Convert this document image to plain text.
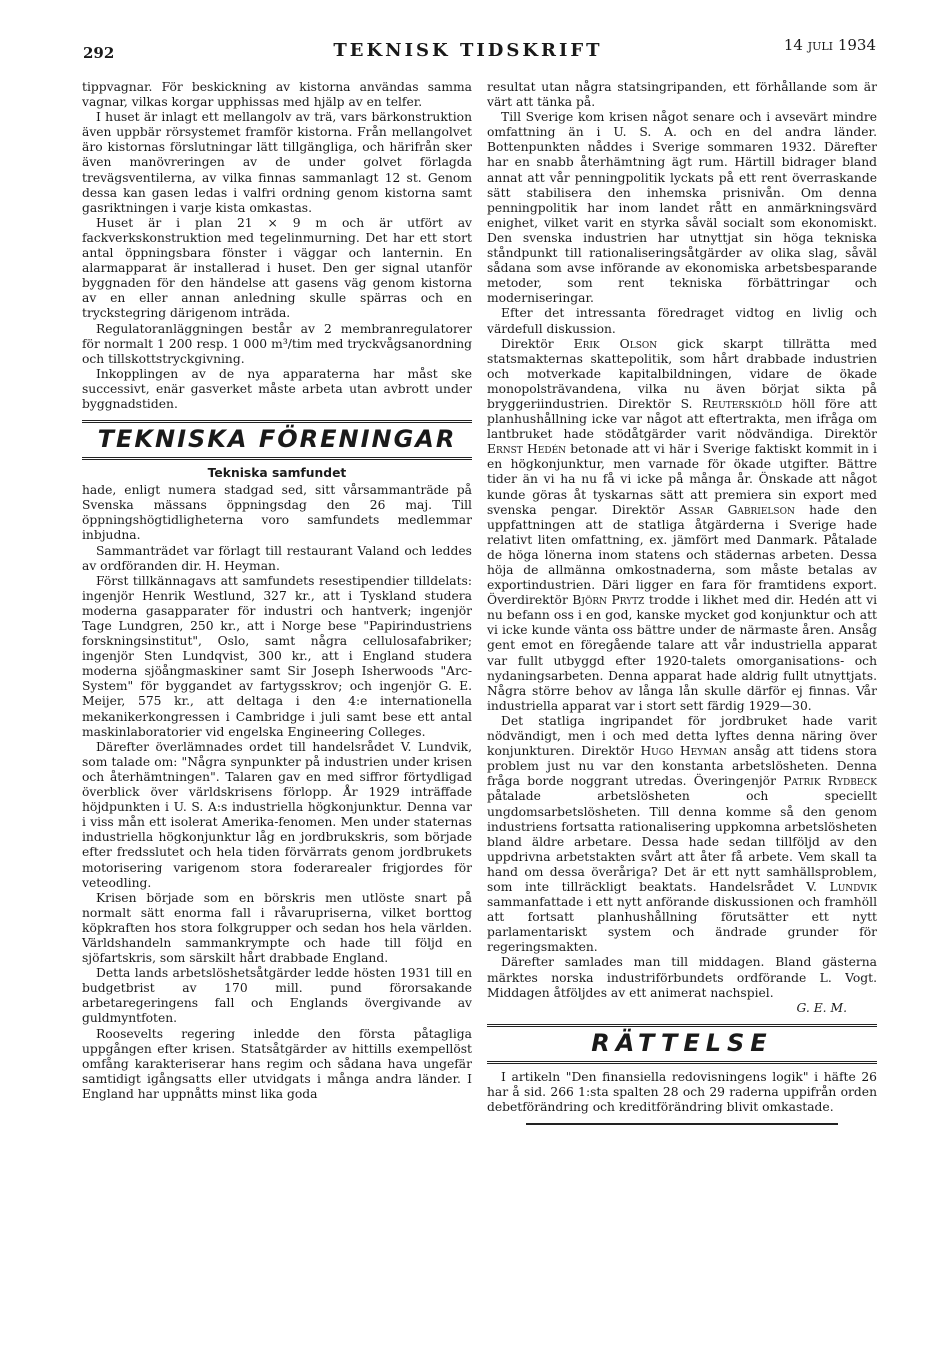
292	TEKNISK TIDSKRIFT	14 juli 1934

tippvagnar. För beskickning av kistorna användas samma vagnar, vilkas korgar upphissas med hjälp av en telfer.

I huset är inlagt ett mellangolv av trä, vars bärkonstruktion även uppbär rörsystemet framför kistorna. Från mellangolvet äro kistornas förslutningar lätt tillgängliga, och härifrån sker även manövreringen av de under golvet förlagda trevägsventilerna, av vilka finnas sammanlagt 12 st. Genom dessa kan gasen ledas i valfri ordning genom kistorna samt gasriktningen i varje kista omkastas.

Huset är i plan 21 × 9 m och är utfört av fackverkskonstruktion med tegelinmurning. Det har ett stort antal öppningsbara fönster i väggar och lanternin. En alarmapparat är installerad i huset. Den ger signal utanför byggnaden för den händelse att gasens väg genom kistorna av en eller annan anledning skulle spärras och en tryckstegring därigenom inträda.

Regulatoranläggningen består av 2 membranregulatorer för normalt 1 200 resp. 1 000 m³/tim med tryckvågsanordning och tillskottstryckgivning.

Inkopplingen av de nya apparaterna har måst ske successivt, enär gasverket måste arbeta utan avbrott under byggnadstiden.

TEKNISKA FÖRENINGAR
Tekniska samfundet

hade, enligt numera stadgad sed, sitt vårsammanträde på Svenska mässans öppningsdag den 26 maj. Till öppningshögtidligheterna voro samfundets medlemmar inbjudna.

Sammanträdet var förlagt till restaurant Valand och leddes av ordföranden dir. H. Heyman.

Först tillkännagavs att samfundets resestipendier tilldelats: ingenjör Henrik Westlund, 327 kr., att i Tyskland studera moderna gasapparater för industri och hantverk; ingenjör Tage Lundgren, 250 kr., att i Norge bese "Papirindustriens forskningsinstitut", Oslo, samt några cellulosafabriker; ingenjör Sten Lundqvist, 300 kr., att i England studera moderna sjöångmaskiner samt Sir Joseph Isherwoods "Arc-System" för byggandet av fartygsskrov; och ingenjör G. E. Meijer, 575 kr., att deltaga i den 4:e internationella mekanikerkongressen i Cambridge i juli samt bese ett antal maskinlaboratorier vid engelska Engineering Colleges.

Därefter överlämnades ordet till handelsrådet V. Lundvik, som talade om: "Några synpunkter på industrien under krisen och återhämtningen". Talaren gav en med siffror förtydligad överblick över världskrisens förlopp. År 1929 inträffade höjdpunkten i U. S. A:s industriella högkonjunktur. Denna var i viss mån ett isolerat Amerika-fenomen. Men under staternas industriella högkonjunktur låg en jordbrukskris, som började efter fredsslutet och hela tiden förvärrats genom jordbrukets motorisering varigenom stora foderarealer frigjordes för veteodling.

Krisen började som en börskris men utlöste snart på normalt sätt enorma fall i råvarupriserna, vilket borttog köpkraften hos stora folkgrupper och sedan hos hela världen. Världshandeln sammankrympte och hade till följd en sjöfartskris, som särskilt hårt drabbade England.

Detta lands arbetslöshetsåtgärder ledde hösten 1931 till en budgetbrist av 170 mill. pund förorsakande arbetaregeringens fall och Englands övergivande av guldmyntfoten.

Roosevelts regering inledde den första påtagliga uppgången efter krisen. Statsåtgärder av hittills exempellöst omfång karakteriserar hans regim och sådana hava ungefär samtidigt igångsatts eller utvidgats i många andra länder. I England har uppnåtts minst lika goda

resultat utan några statsingripanden, ett förhållande som är värt att tänka på.

Till Sverige kom krisen något senare och i avsevärt mindre omfattning än i U. S. A. och en del andra länder. Bottenpunkten nåddes i Sverige sommaren 1932. Därefter har en snabb återhämtning ägt rum. Härtill bidrager bland annat att vår penningpolitik lyckats på ett rent överraskande sätt stabilisera den inhemska prisnivån. Om denna penningpolitik har inom landet rått en anmärkningsvärd enighet, vilket varit en styrka såväl socialt som ekonomiskt. Den svenska industrien har utnyttjat sin höga tekniska ståndpunkt till rationaliseringsåtgärder av olika slag, såväl sådana som avse införande av ekonomiska arbetsbesparande metoder, som rent tekniska förbättringar och moderniseringar.

Efter det intressanta föredraget vidtog en livlig och värdefull diskussion.

Direktör Erik Olson gick skarpt tillrätta med statsmakternas skattepolitik, som hårt drabbade industrien och motverkade kapitalbildningen, vidare de ökade monopolsträvandena, vilka nu även börjat sikta på bryggeriindustrien. Direktör S. Reuterskiöld höll före att planhushållning icke var något att eftertrakta, men ifråga om lantbruket hade stödåtgärder varit nödvändiga. Direktör Ernst Hedén betonade att vi här i Sverige faktiskt kommit in i en högkonjunktur, men varnade för ökade utgifter. Bättre tider än vi ha nu få vi icke på många år. Önskade att något kunde göras åt tyskarnas sätt att premiera sin export med svenska pengar. Direktör Assar Gabrielson hade den uppfattningen att de statliga åtgärderna i Sverige hade relativt liten omfattning, ex. jämfört med Danmark. Påtalade de höga lönerna inom statens och städernas arbeten. Dessa höja de allmänna omkostnaderna, som måste betalas av exportindustrien. Däri ligger en fara för framtidens export. Överdirektör Björn Prytz trodde i likhet med dir. Hedén att vi nu befann oss i en god, kanske mycket god konjunktur och att vi icke kunde vänta oss bättre under de närmaste åren. Ansåg gent emot en föregående talare att vår industriella apparat var fullt utbyggd efter 1920-talets omorganisations- och nydaningsarbeten. Denna apparat hade aldrig fullt utnyttjats. Några större behov av långa lån skulle därför ej finnas. Vår industriella apparat var i stort sett färdig 1929—30.

Det statliga ingripandet för jordbruket hade varit nödvändigt, men i och med detta lyftes denna näring över konjunkturen. Direktör Hugo Heyman ansåg att tidens stora problem just nu var den konstanta arbetslösheten. Denna fråga borde noggrant utredas. Överingenjör Patrik Rydbeck påtalade arbetslösheten och speciellt ungdomsarbetslösheten. Till denna komme så den genom industriens fortsatta rationalisering uppkomna arbetslösheten bland äldre arbetare. Dessa hade sedan tillföljd av den uppdrivna arbetstakten svårt att åter få arbete. Vem skall ta hand om dessa överåriga? Det är ett nytt samhällsproblem, som inte tillräckligt beaktats. Handelsrådet V. Lundvik sammanfattade i ett nytt anförande diskussionen och framhöll att fortsatt planhushållning förutsätter ett nytt parlamentariskt system och ändrade grunder för regeringsmakten.

Därefter samlades man till middagen. Bland gästerna märktes norska industriförbundets ordförande L. Vogt. Middagen åtföljdes av ett animerat nachspiel.

G. E. M.
RÄTTELSE

I artikeln "Den finansiella redovisningens logik" i häfte 26 har å sid. 266 1:sta spalten 28 och 29 raderna uppifrån orden debetförändring och kreditförändring blivit omkastade.
